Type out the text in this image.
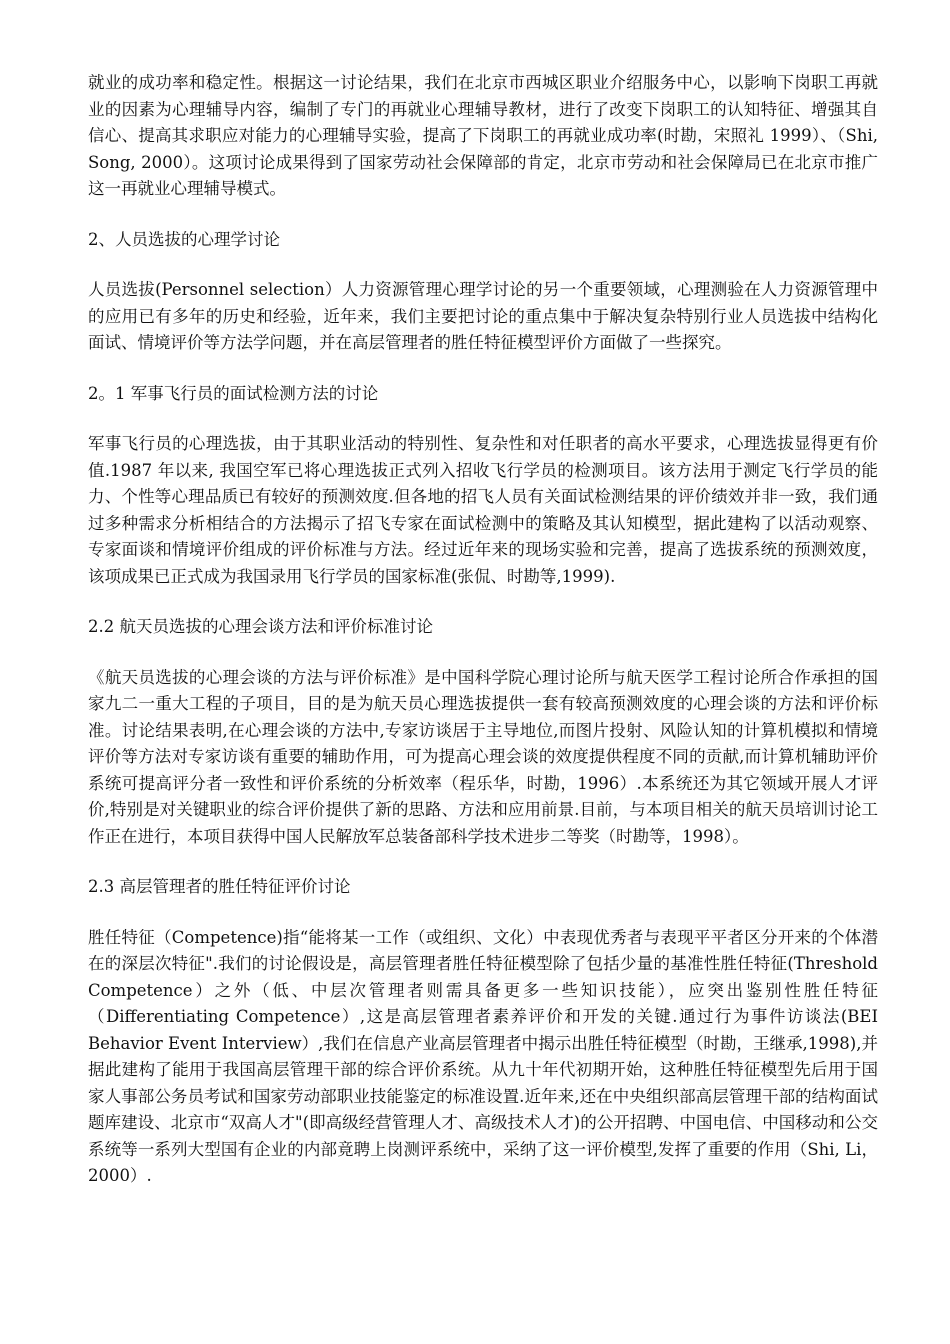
就业的成功率和稳定性。根据这一讨论结果，我们在北京市西城区职业介绍服务中心，以影响下岗职工再就业的因素为心理辅导内容，编制了专门的再就业心理辅导教材，进行了改变下岗职工的认知特征、增强其自信心、提高其求职应对能力的心理辅导实验，提高了下岗职工的再就业成功率(时勘，宋照礼 1999）、（Shi, Song, 2000）。这项讨论成果得到了国家劳动社会保障部的肯定，北京市劳动和社会保障局已在北京市推广这一再就业心理辅导模式。

2、人员选拔的心理学讨论

人员选拔(Personnel selection）人力资源管理心理学讨论的另一个重要领域，心理测验在人力资源管理中的应用已有多年的历史和经验，近年来，我们主要把讨论的重点集中于解决复杂特别行业人员选拔中结构化面试、情境评价等方法学问题，并在高层管理者的胜任特征模型评价方面做了一些探究。

2。1 军事飞行员的面试检测方法的讨论

军事飞行员的心理选拔，由于其职业活动的特别性、复杂性和对任职者的高水平要求，心理选拔显得更有价值.1987 年以来, 我国空军已将心理选拔正式列入招收飞行学员的检测项目。该方法用于测定飞行学员的能力、个性等心理品质已有较好的预测效度.但各地的招飞人员有关面试检测结果的评价绩效并非一致，我们通过多种需求分析相结合的方法揭示了招飞专家在面试检测中的策略及其认知模型，据此建构了以活动观察、专家面谈和情境评价组成的评价标准与方法。经过近年来的现场实验和完善，提高了选拔系统的预测效度，该项成果已正式成为我国录用飞行学员的国家标准(张侃、时勘等,1999).

2.2 航天员选拔的心理会谈方法和评价标准讨论

《航天员选拔的心理会谈的方法与评价标准》是中国科学院心理讨论所与航天医学工程讨论所合作承担的国家九二一重大工程的子项目，目的是为航天员心理选拔提供一套有较高预测效度的心理会谈的方法和评价标准。讨论结果表明,在心理会谈的方法中,专家访谈居于主导地位,而图片投射、风险认知的计算机模拟和情境评价等方法对专家访谈有重要的辅助作用，可为提高心理会谈的效度提供程度不同的贡献,而计算机辅助评价系统可提高评分者一致性和评价系统的分析效率（程乐华，时勘，1996）.本系统还为其它领域开展人才评价,特别是对关键职业的综合评价提供了新的思路、方法和应用前景.目前，与本项目相关的航天员培训讨论工作正在进行，本项目获得中国人民解放军总装备部科学技术进步二等奖（时勘等，1998）。

2.3 高层管理者的胜任特征评价讨论

胜任特征（Competence)指“能将某一工作（或组织、文化）中表现优秀者与表现平平者区分开来的个体潜在的深层次特征".我们的讨论假设是，高层管理者胜任特征模型除了包括少量的基准性胜任特征(Threshold Competence）之外（低、中层次管理者则需具备更多一些知识技能），应突出鉴别性胜任特征（Differentiating Competence）,这是高层管理者素养评价和开发的关键.通过行为事件访谈法(BEI Behavior Event Interview）,我们在信息产业高层管理者中揭示出胜任特征模型（时勘，王继承,1998),并据此建构了能用于我国高层管理干部的综合评价系统。从九十年代初期开始，这种胜任特征模型先后用于国家人事部公务员考试和国家劳动部职业技能鉴定的标准设置.近年来,还在中央组织部高层管理干部的结构面试题库建设、北京市“双高人才"(即高级经营管理人才、高级技术人才)的公开招聘、中国电信、中国移动和公交系统等一系列大型国有企业的内部竟聘上岗测评系统中，采纳了这一评价模型,发挥了重要的作用（Shi, Li，2000）.
